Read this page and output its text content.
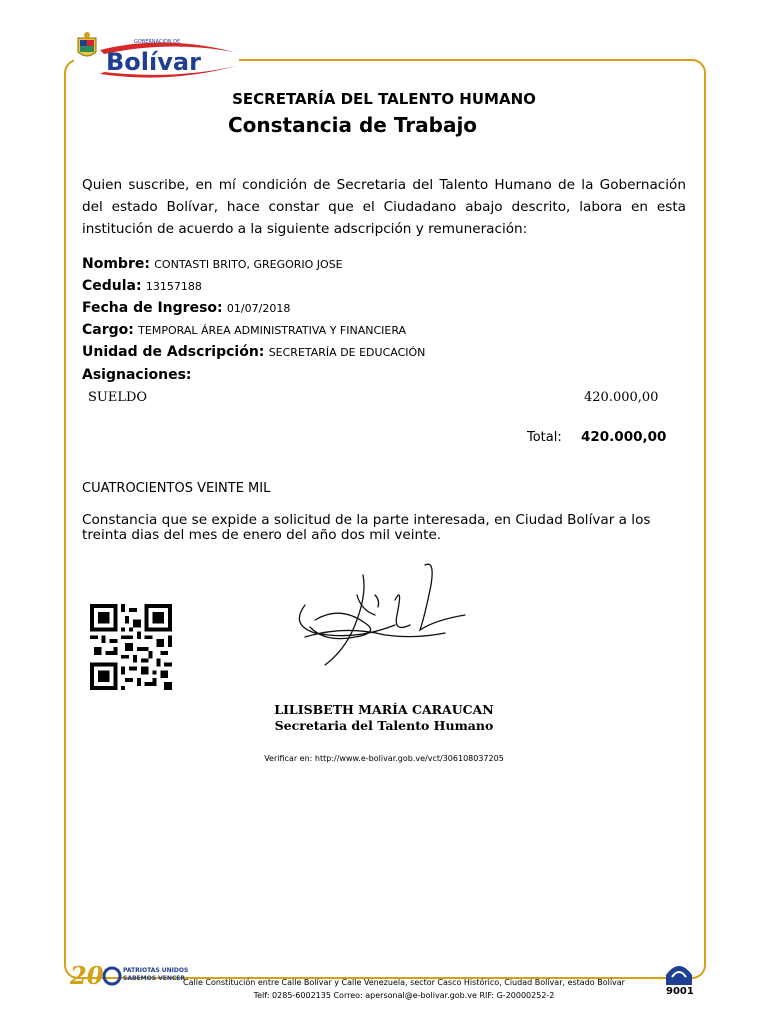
GOBERNACIÓN DE
Bolívar
SECRETARÍA DEL TALENTO HUMANO
Constancia de Trabajo
Quien suscribe, en mí condición de Secretaria del Talento Humano de la Gobernación del estado Bolívar, hace constar que el Ciudadano abajo descrito, labora en esta institución de acuerdo a la siguiente adscripción y remuneración:
Nombre: CONTASTI BRITO, GREGORIO JOSE
Cedula: 13157188
Fecha de Ingreso: 01/07/2018
Cargo: TEMPORAL ÁREA ADMINISTRATIVA Y FINANCIERA
Unidad de Adscripción: SECRETARÍA DE EDUCACIÓN
Asignaciones:
SUELDO	420.000,00
Total: 420.000,00
CUATROCIENTOS VEINTE MIL
Constancia que se expide a solicitud de la parte interesada, en Ciudad Bolívar a los treinta dias del mes de enero del año dos mil veinte.
LILISBETH MARÍA CARAUCAN
Secretaria del Talento Humano
Verificar en: http://www.e-bolivar.gob.ve/vct/306108037205
20	PATRIOTAS UNIDOS
SABEMOS VENCER
9001
Calle Constitución entre Calle Bolívar y Calle Venezuela, sector Casco Histórico, Ciudad Bolívar, estado Bolívar
Telf: 0285-6002135 Correo: apersonal@e-bolivar.gob.ve RIF: G-20000252-2
